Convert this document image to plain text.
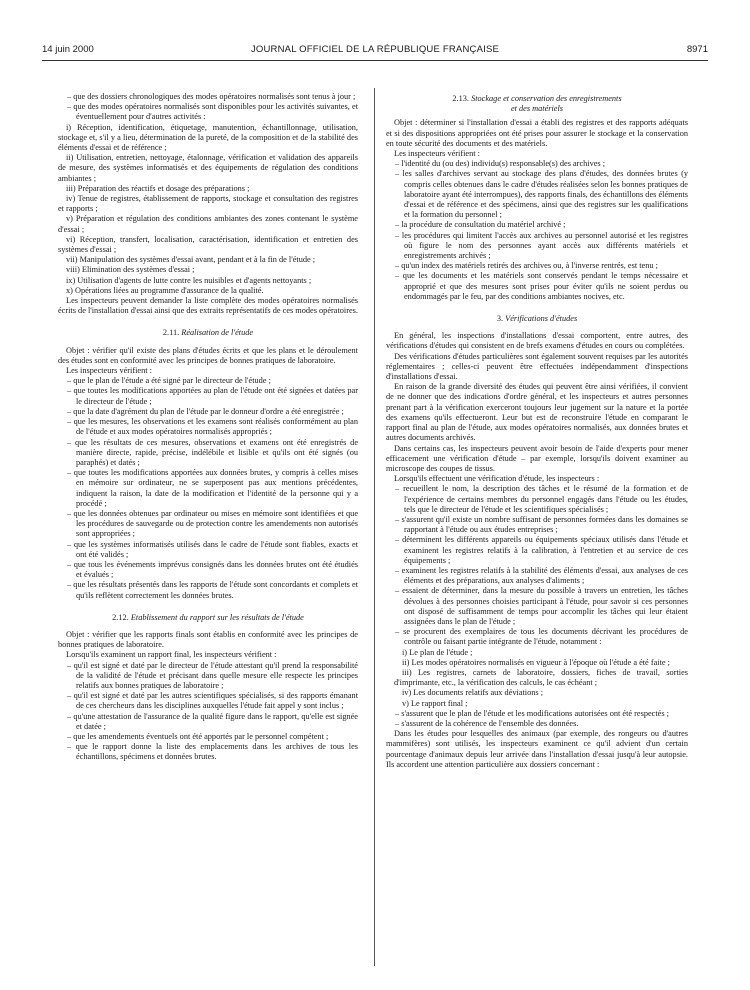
14 juin 2000	JOURNAL OFFICIEL DE LA RÉPUBLIQUE FRANÇAISE	8971

– que des dossiers chronologiques des modes opératoires normalisés sont tenus à jour ;

– que des modes opératoires normalisés sont disponibles pour les activités suivantes, et éventuellement pour d'autres activités :

i) Réception, identification, étiquetage, manutention, échantillonnage, utilisation, stockage et, s'il y a lieu, détermination de la pureté, de la composition et de la stabilité des éléments d'essai et de référence ;

ii) Utilisation, entretien, nettoyage, étalonnage, vérification et validation des appareils de mesure, des systèmes informatisés et des équipements de régulation des conditions ambiantes ;

iii) Préparation des réactifs et dosage des préparations ;

iv) Tenue de registres, établissement de rapports, stockage et consultation des registres et rapports ;

v) Préparation et régulation des conditions ambiantes des zones contenant le système d'essai ;

vi) Réception, transfert, localisation, caractérisation, identification et entretien des systèmes d'essai ;

vii) Manipulation des systèmes d'essai avant, pendant et à la fin de l'étude ;

viii) Elimination des systèmes d'essai ;

ix) Utilisation d'agents de lutte contre les nuisibles et d'agents nettoyants ;

x) Opérations liées au programme d'assurance de la qualité.

Les inspecteurs peuvent demander la liste complète des modes opératoires normalisés écrits de l'installation d'essai ainsi que des extraits représentatifs de ces modes opératoires.

2.11. Réalisation de l'étude

Objet : vérifier qu'il existe des plans d'études écrits et que les plans et le déroulement des études sont en conformité avec les principes de bonnes pratiques de laboratoire.

Les inspecteurs vérifient :

– que le plan de l'étude a été signé par le directeur de l'étude ;

– que toutes les modifications apportées au plan de l'étude ont été signées et datées par le directeur de l'étude ;

– que la date d'agrément du plan de l'étude par le donneur d'ordre a été enregistrée ;

– que les mesures, les observations et les examens sont réalisés conformément au plan de l'étude et aux modes opératoires normalisés appropriés ;

– que les résultats de ces mesures, observations et examens ont été enregistrés de manière directe, rapide, précise, indélébile et lisible et qu'ils ont été signés (ou paraphés) et datés ;

– que toutes les modifications apportées aux données brutes, y compris à celles mises en mémoire sur ordinateur, ne se superposent pas aux mentions précédentes, indiquent la raison, la date de la modification et l'identité de la personne qui y a procédé ;

– que les données obtenues par ordinateur ou mises en mémoire sont identifiées et que les procédures de sauvegarde ou de protection contre les amendements non autorisés sont appropriées ;

– que les systèmes informatisés utilisés dans le cadre de l'étude sont fiables, exacts et ont été validés ;

– que tous les événements imprévus consignés dans les données brutes ont été étudiés et évalués ;

– que les résultats présentés dans les rapports de l'étude sont concordants et complets et qu'ils reflètent correctement les données brutes.

2.12. Etablissement du rapport sur les résultats de l'étude

Objet : vérifier que les rapports finals sont établis en conformité avec les principes de bonnes pratiques de laboratoire.

Lorsqu'ils examinent un rapport final, les inspecteurs vérifient :

– qu'il est signé et daté par le directeur de l'étude attestant qu'il prend la responsabilité de la validité de l'étude et précisant dans quelle mesure elle respecte les principes relatifs aux bonnes pratiques de laboratoire ;

– qu'il est signé et daté par les autres scientifiques spécialisés, si des rapports émanant de ces chercheurs dans les disciplines auxquelles l'étude fait appel y sont inclus ;

– qu'une attestation de l'assurance de la qualité figure dans le rapport, qu'elle est signée et datée ;

– que les amendements éventuels ont été apportés par le personnel compétent ;

– que le rapport donne la liste des emplacements dans les archives de tous les échantillons, spécimens et données brutes.

2.13. Stockage et conservation des enregistrements
et des matériels

Objet : déterminer si l'installation d'essai a établi des registres et des rapports adéquats et si des dispositions appropriées ont été prises pour assurer le stockage et la conservation en toute sécurité des documents et des matériels.

Les inspecteurs vérifient :

– l'identité du (ou des) individu(s) responsable(s) des archives ;

– les salles d'archives servant au stockage des plans d'études, des données brutes (y compris celles obtenues dans le cadre d'études réalisées selon les bonnes pratiques de laboratoire ayant été interrompues), des rapports finals, des échantillons des éléments d'essai et de référence et des spécimens, ainsi que des registres sur les qualifications et la formation du personnel ;

– la procédure de consultation du matériel archivé ;

– les procédures qui limitent l'accès aux archives au personnel autorisé et les registres où figure le nom des personnes ayant accès aux différents matériels et enregistrements archivés ;

– qu'un index des matériels retirés des archives ou, à l'inverse rentrés, est tenu ;

– que les documents et les matériels sont conservés pendant le temps nécessaire et approprié et que des mesures sont prises pour éviter qu'ils ne soient perdus ou endommagés par le feu, par des conditions ambiantes nocives, etc.

3. Vérifications d'études

En général, les inspections d'installations d'essai comportent, entre autres, des vérifications d'études qui consistent en de brefs examens d'études en cours ou complétées.

Des vérifications d'études particulières sont également souvent requises par les autorités réglementaires ; celles-ci peuvent être effectuées indépendamment d'inspections d'installations d'essai.

En raison de la grande diversité des études qui peuvent être ainsi vérifiées, il convient de ne donner que des indications d'ordre général, et les inspecteurs et autres personnes prenant part à la vérification exerceront toujours leur jugement sur la nature et la portée des examens qu'ils effectueront. Leur but est de reconstruire l'étude en comparant le rapport final au plan de l'étude, aux modes opératoires normalisés, aux données brutes et autres documents archivés.

Dans certains cas, les inspecteurs peuvent avoir besoin de l'aide d'experts pour mener efficacement une vérification d'étude – par exemple, lorsqu'ils doivent examiner au microscope des coupes de tissus.

Lorsqu'ils effectuent une vérification d'étude, les inspecteurs :

– recueillent le nom, la description des tâches et le résumé de la formation et de l'expérience de certains membres du personnel engagés dans l'étude ou les études, tels que le directeur de l'étude et les scientifiques spécialisés ;

– s'assurent qu'il existe un nombre suffisant de personnes formées dans les domaines se rapportant à l'étude ou aux études entreprises ;

– déterminent les différents appareils ou équipements spéciaux utilisés dans l'étude et examinent les registres relatifs à la calibration, à l'entretien et au service de ces équipements ;

– examinent les registres relatifs à la stabilité des éléments d'essai, aux analyses de ces éléments et des préparations, aux analyses d'aliments ;

– essaient de déterminer, dans la mesure du possible à travers un entretien, les tâches dévolues à des personnes choisies participant à l'étude, pour savoir si ces personnes ont disposé de suffisamment de temps pour accomplir les tâches qui leur étaient assignées dans le plan de l'étude ;

– se procurent des exemplaires de tous les documents décrivant les procédures de contrôle ou faisant partie intégrante de l'étude, notamment :

i) Le plan de l'étude ;

ii) Les modes opératoires normalisés en vigueur à l'époque où l'étude a été faite ;

iii) Les registres, carnets de laboratoire, dossiers, fiches de travail, sorties d'imprimante, etc., la vérification des calculs, le cas échéant ;

iv) Les documents relatifs aux déviations ;

v) Le rapport final ;

– s'assurent que le plan de l'étude et les modifications autorisées ont été respectés ;

– s'assurent de la cohérence de l'ensemble des données.

Dans les études pour lesquelles des animaux (par exemple, des rongeurs ou d'autres mammifères) sont utilisés, les inspecteurs examinent ce qu'il advient d'un certain pourcentage d'animaux depuis leur arrivée dans l'installation d'essai jusqu'à leur autopsie. Ils accordent une attention particulière aux dossiers concernant :
